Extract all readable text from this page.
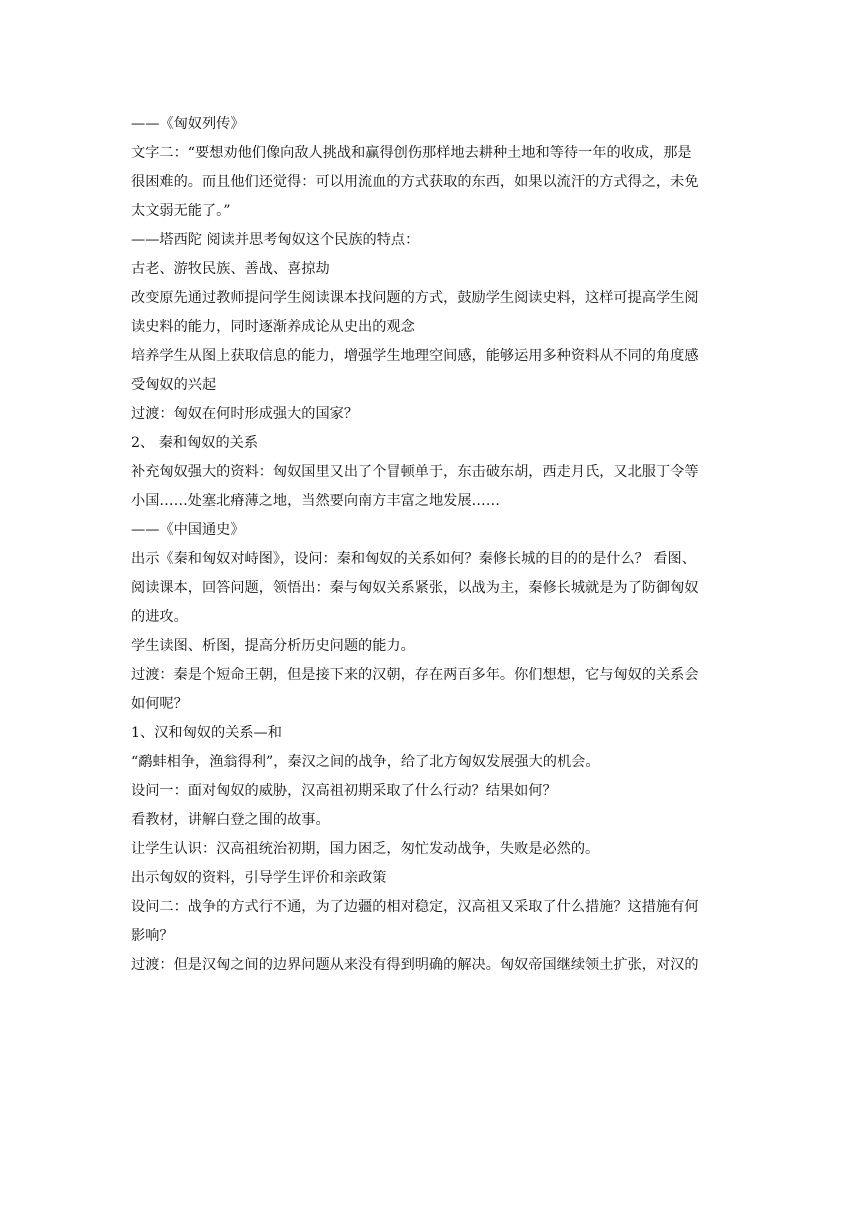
——《匈奴列传》
文字二：“要想劝他们像向敌人挑战和赢得创伤那样地去耕种土地和等待一年的收成，那是
很困难的。而且他们还觉得：可以用流血的方式获取的东西，如果以流汗的方式得之，未免
太文弱无能了。”
——塔西陀 阅读并思考匈奴这个民族的特点：
古老、游牧民族、善战、喜掠劫
改变原先通过教师提问学生阅读课本找问题的方式，鼓励学生阅读史料，这样可提高学生阅
读史料的能力，同时逐渐养成论从史出的观念
培养学生从图上获取信息的能力，增强学生地理空间感，能够运用多种资料从不同的角度感
受匈奴的兴起
过渡：匈奴在何时形成强大的国家？
2、 秦和匈奴的关系
补充匈奴强大的资料：匈奴国里又出了个冒顿单于，东击破东胡，西走月氏，又北服丁令等
小国……处塞北瘠薄之地，当然要向南方丰富之地发展……
——《中国通史》
出示《秦和匈奴对峙图》，设问：秦和匈奴的关系如何？秦修长城的目的的是什么？ 看图、
阅读课本，回答问题，领悟出：秦与匈奴关系紧张，以战为主，秦修长城就是为了防御匈奴
的进攻。
学生读图、析图，提高分析历史问题的能力。
过渡：秦是个短命王朝，但是接下来的汉朝，存在两百多年。你们想想，它与匈奴的关系会
如何呢？
1、汉和匈奴的关系—和
“鹬蚌相争，渔翁得利”，秦汉之间的战争，给了北方匈奴发展强大的机会。
设问一：面对匈奴的威胁，汉高祖初期采取了什么行动？结果如何？
看教材，讲解白登之围的故事。
让学生认识：汉高祖统治初期，国力困乏，匆忙发动战争，失败是必然的。
出示匈奴的资料，引导学生评价和亲政策
设问二：战争的方式行不通，为了边疆的相对稳定，汉高祖又采取了什么措施？这措施有何
影响？
过渡：但是汉匈之间的边界问题从来没有得到明确的解决。匈奴帝国继续领土扩张，对汉的
